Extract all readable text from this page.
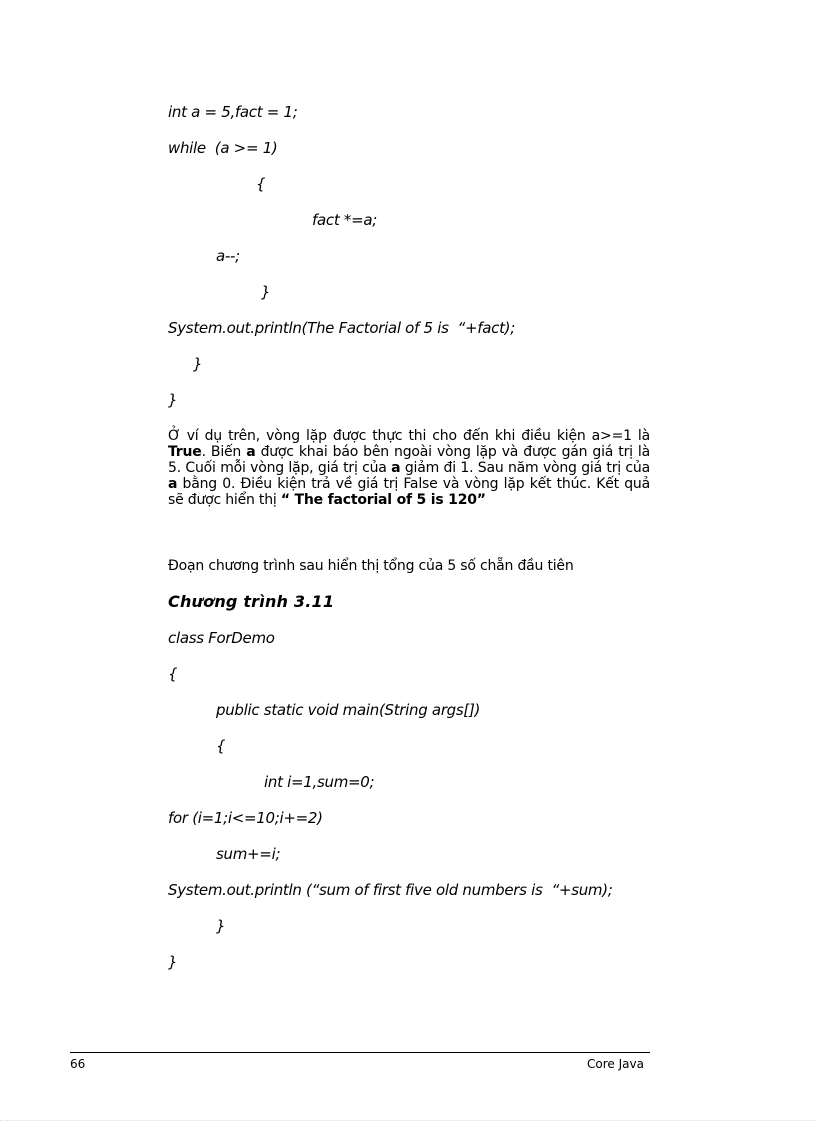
int a = 5,fact = 1;
while  (a >= 1)
{
fact *=a;
a--;
}
System.out.println(The Factorial of 5 is  “+fact);
}
}
Ở ví dụ trên, vòng lặp được thực thi cho đến khi điều kiện a>=1 là True. Biến a được khai báo bên ngoài vòng lặp và được gán giá trị là 5. Cuối mỗi vòng lặp, giá trị của a giảm đi 1. Sau năm vòng giá trị của a bằng 0. Điều kiện trả về giá trị False và vòng lặp kết thúc. Kết quả sẽ được hiển thị “ The factorial of 5 is 120”
Đoạn chương trình sau hiển thị tổng của 5 số chẵn đầu tiên
Chương trình 3.11
class ForDemo
{
public static void main(String args[])
{
int i=1,sum=0;
for (i=1;i<=10;i+=2)
sum+=i;
System.out.println (“sum of first five old numbers is  “+sum);
}
}
66	Core Java
